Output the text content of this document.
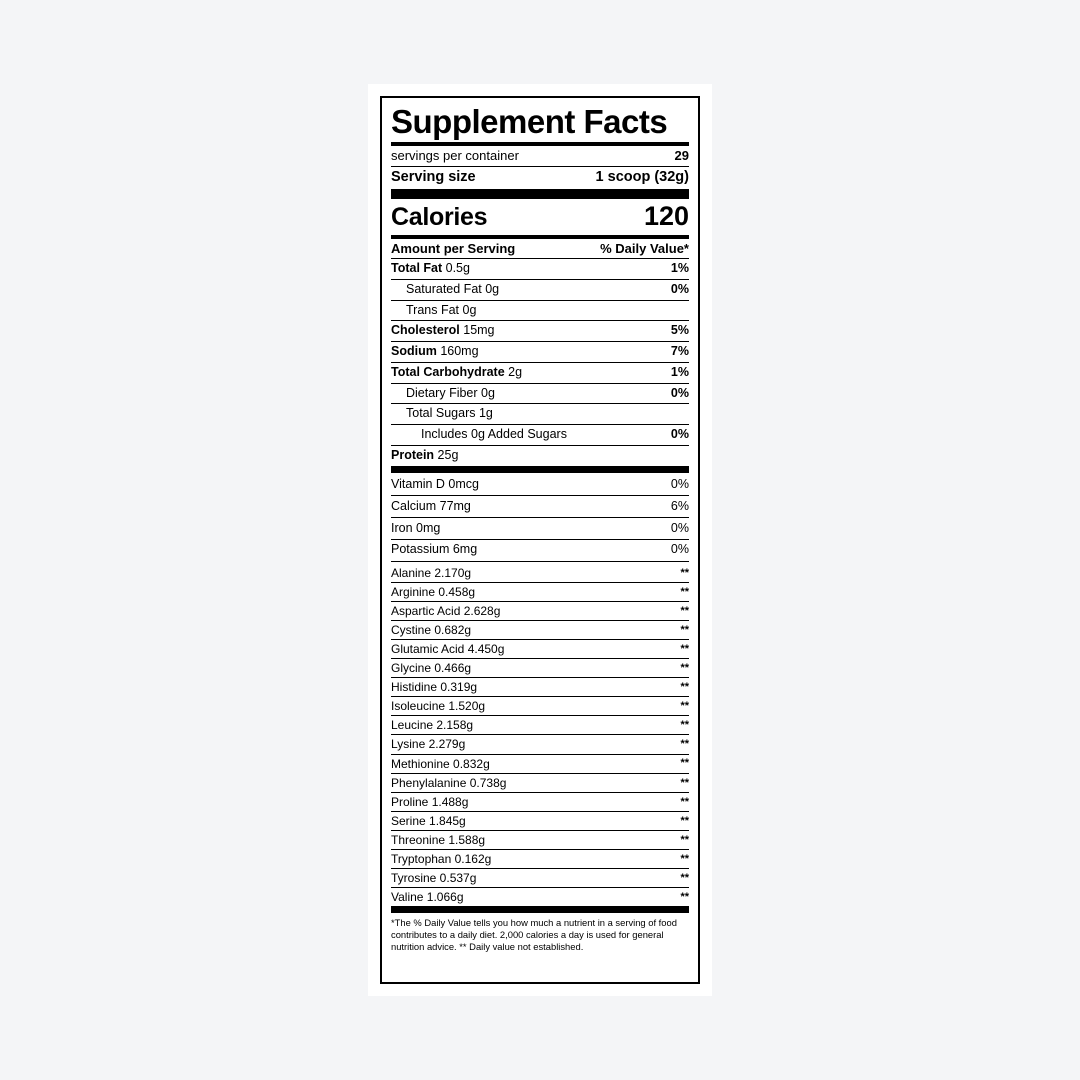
Supplement Facts
servings per container	29
Serving size	1 scoop (32g)
Calories	120
Amount per Serving	% Daily Value*
Total Fat 0.5g	1%
Saturated Fat 0g	0%
Trans Fat 0g
Cholesterol 15mg	5%
Sodium 160mg	7%
Total Carbohydrate 2g	1%
Dietary Fiber 0g	0%
Total Sugars 1g
Includes 0g Added Sugars	0%
Protein 25g
Vitamin D 0mcg	0%
Calcium 77mg	6%
Iron 0mg	0%
Potassium 6mg	0%
Alanine 2.170g	**
Arginine 0.458g	**
Aspartic Acid 2.628g	**
Cystine 0.682g	**
Glutamic Acid 4.450g	**
Glycine 0.466g	**
Histidine 0.319g	**
Isoleucine 1.520g	**
Leucine 2.158g	**
Lysine 2.279g	**
Methionine 0.832g	**
Phenylalanine 0.738g	**
Proline 1.488g	**
Serine 1.845g	**
Threonine 1.588g	**
Tryptophan 0.162g	**
Tyrosine 0.537g	**
Valine 1.066g	**
*The % Daily Value tells you how much a nutrient in a serving of food contributes to a daily diet. 2,000 calories a day is used for general nutrition advice. ** Daily value not established.
